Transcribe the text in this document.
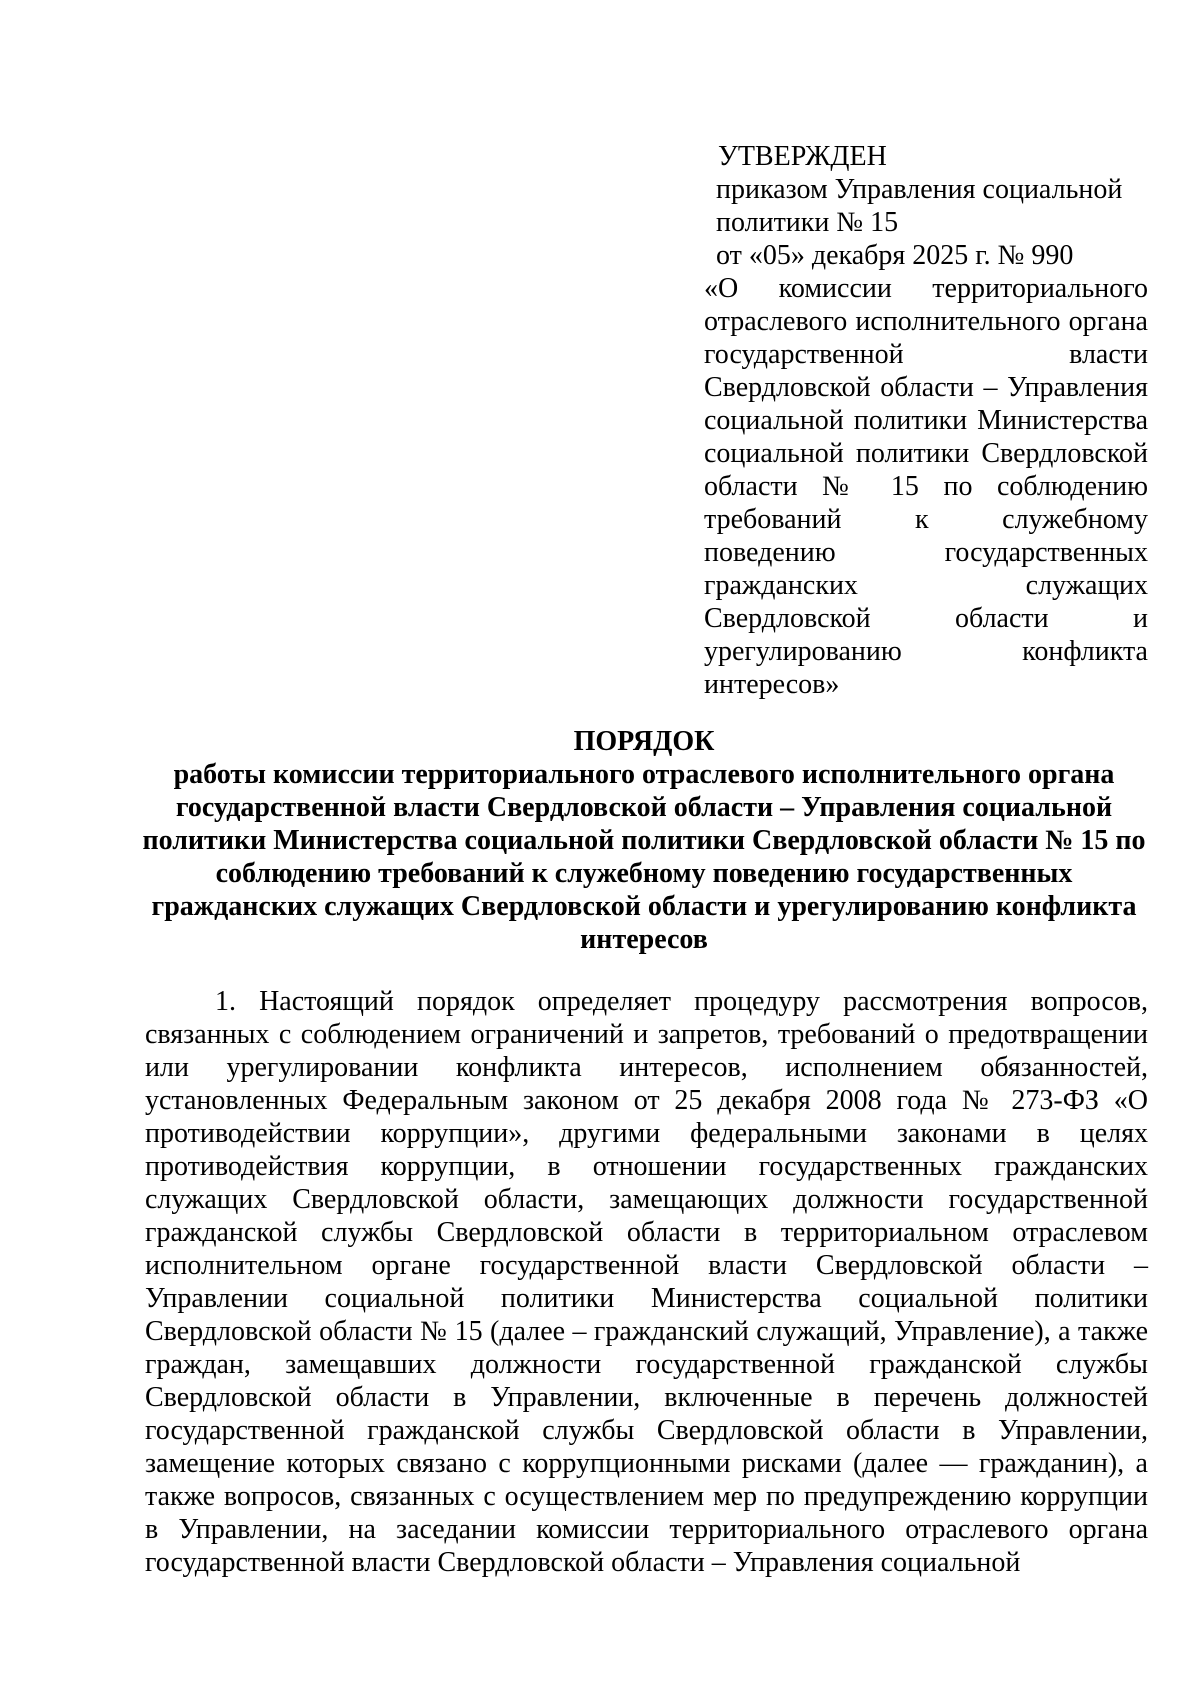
УТВЕРЖДЕН
приказом Управления социальной
политики № 15
от «05» декабря 2025 г. № 990
«О комиссии территориального отраслевого исполнительного органа государственной власти Свердловской области – Управления социальной политики Министерства социальной политики Свердловской области № 15 по соблюдению требований к служебному поведению государственных гражданских служащих Свердловской области и урегулированию конфликта интересов»
ПОРЯДОК
работы комиссии территориального отраслевого исполнительного органа государственной власти Свердловской области – Управления социальной политики Министерства социальной политики Свердловской области № 15 по соблюдению требований к служебному поведению государственных гражданских служащих Свердловской области и урегулированию конфликта интересов
1. Настоящий порядок определяет процедуру рассмотрения вопросов, связанных с соблюдением ограничений и запретов, требований о предотвращении или урегулировании конфликта интересов, исполнением обязанностей, установленных Федеральным законом от 25 декабря 2008 года № 273-ФЗ «О противодействии коррупции», другими федеральными законами в целях противодействия коррупции, в отношении государственных гражданских служащих Свердловской области, замещающих должности государственной гражданской службы Свердловской области в территориальном отраслевом исполнительном органе государственной власти Свердловской области – Управлении социальной политики Министерства социальной политики Свердловской области № 15 (далее – гражданский служащий, Управление), а также граждан, замещавших должности государственной гражданской службы Свердловской области в Управлении, включенные в перечень должностей государственной гражданской службы Свердловской области в Управлении, замещение которых связано с коррупционными рисками (далее — гражданин), а также вопросов, связанных с осуществлением мер по предупреждению коррупции в Управлении, на заседании комиссии территориального отраслевого органа государственной власти Свердловской области – Управления социальной
